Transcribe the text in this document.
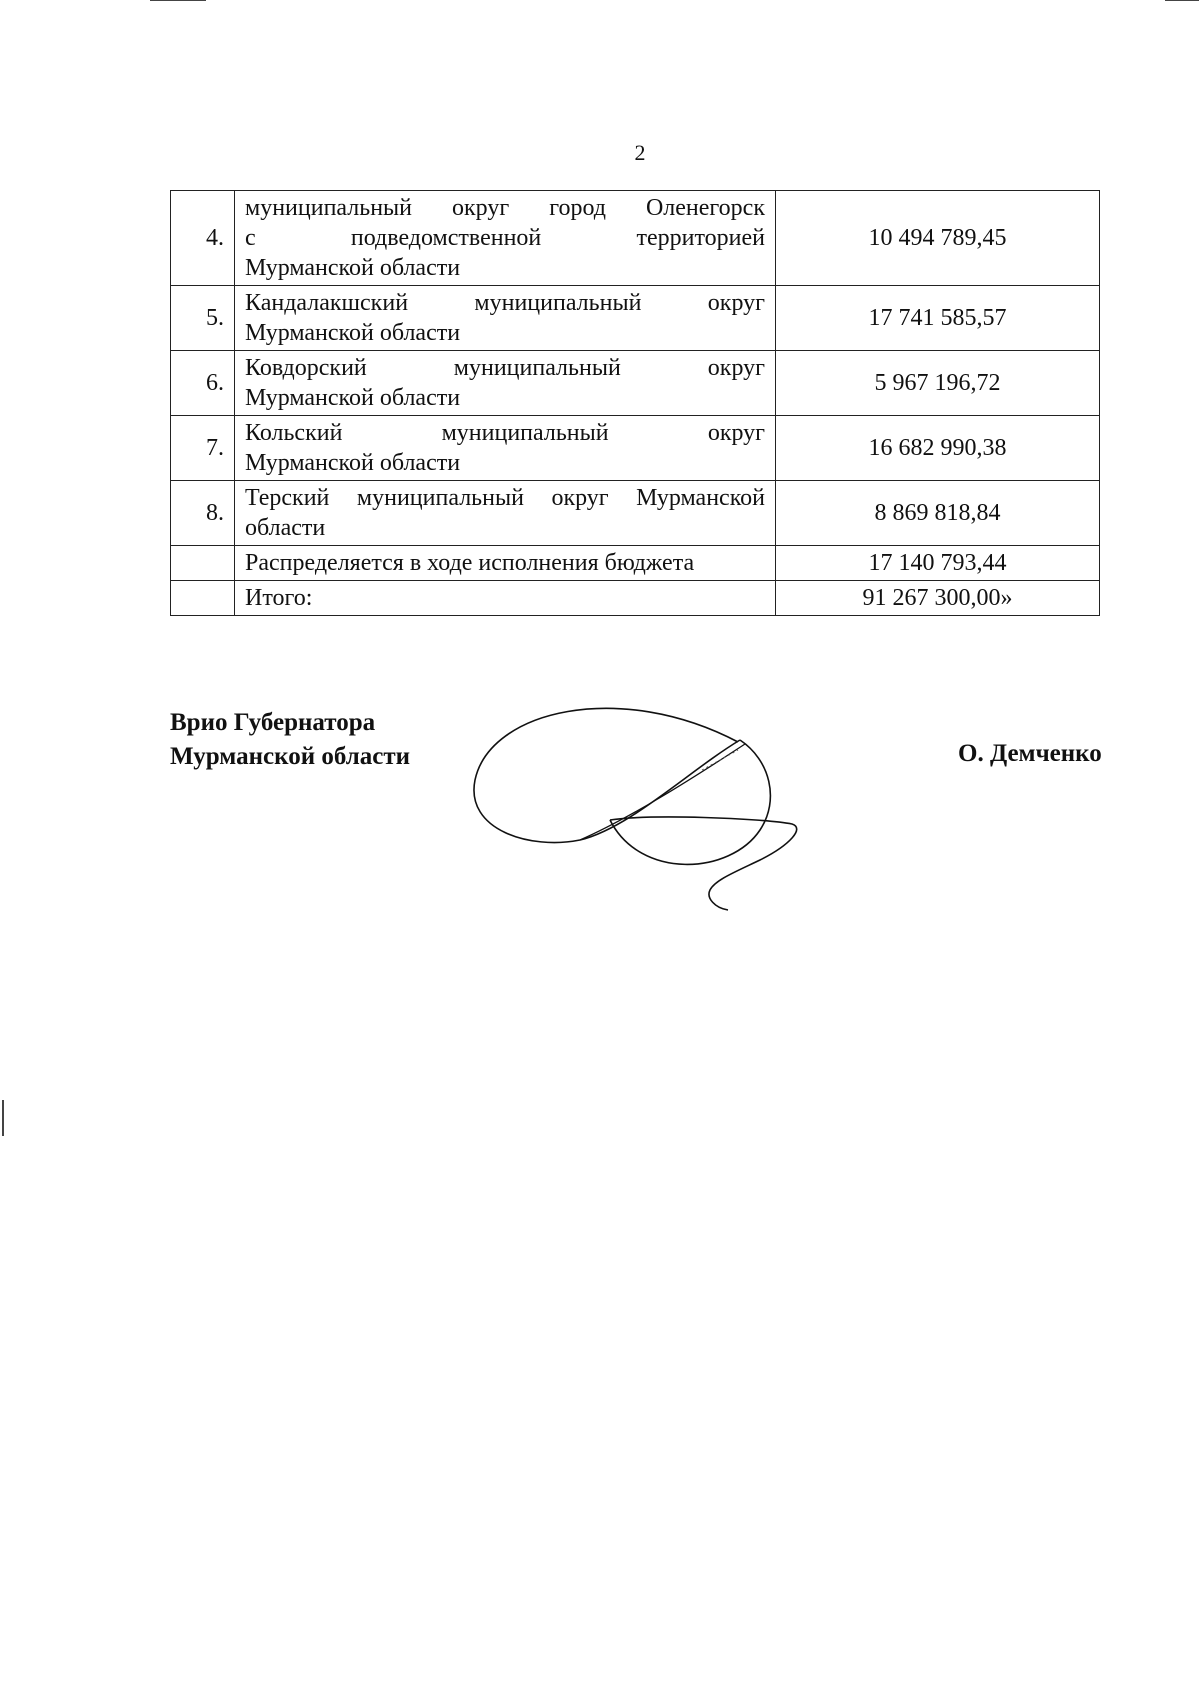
2
4.	муниципальный округ город Оленегорск
с подведомственной территорией
Мурманской области	10 494 789,45
5.	Кандалакшский муниципальный округ
Мурманской области	17 741 585,57
6.	Ковдорский муниципальный округ
Мурманской области	5 967 196,72
7.	Кольский муниципальный округ
Мурманской области	16 682 990,38
8.	Терский муниципальный округ Мурманской
области	8 869 818,84

	Распределяется в ходе исполнения бюджета	17 140 793,44

	Итого:	91 267 300,00»
Врио Губернатора
Мурманской области	О. Демченко
